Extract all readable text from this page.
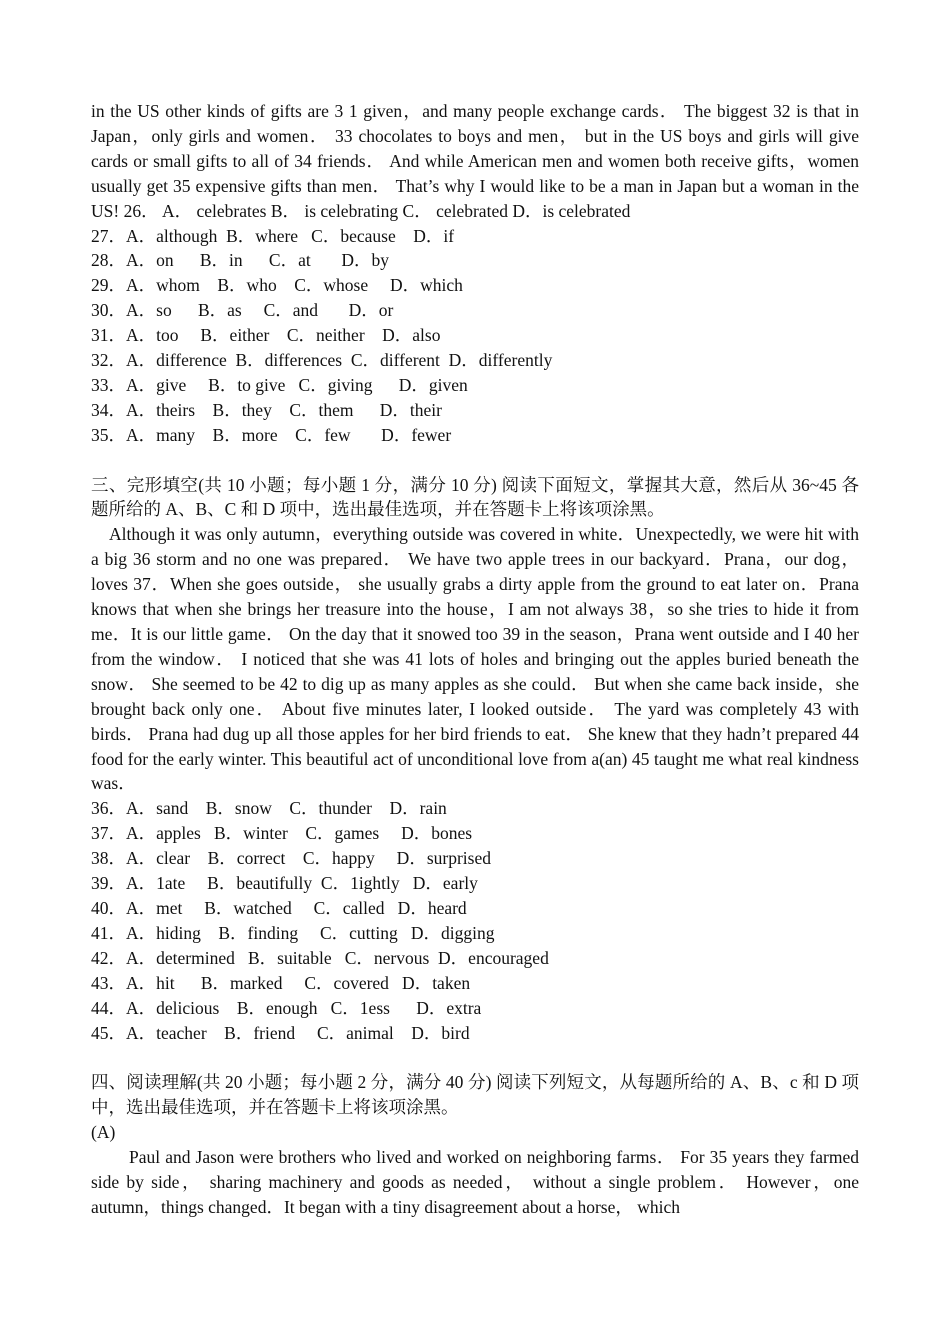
in the US other kinds of gifts are 3 1 given，and many people exchange cards． The biggest 32 is that in Japan，only girls and women． 33 chocolates to boys and men， but in the US boys and girls will give cards or small gifts to all of 34 friends． And while American men and women both receive gifts，women usually get 35 expensive gifts than men． That’s why I would like to be a man in Japan but a woman in the US! 26． A． celebrates B． is celebrating C． celebrated D．is celebrated

27．A．although  B．where   C．because    D．if

28．A．on      B．in      C．at       D．by

29．A．whom    B．who    C．whose     D．which

30．A．so      B．as     C．and       D．or

31．A．too     B．either    C．neither    D．also

32．A．difference  B．differences  C．different  D．differently

33．A．give     B．to give   C．giving      D．given

34．A．theirs    B．they    C．them      D．their

35．A．many    B．more    C．few       D．fewer

三、完形填空(共 10 小题；每小题 1 分，满分 10 分) 阅读下面短文，掌握其大意，然后从 36~45 各题所给的 A、B、C 和 D 项中，选出最佳选项，并在答题卡上将该项涂黑。

Although it was only autumn，everything outside was covered in white．Unexpectedly, we were hit with a big 36 storm and no one was prepared． We have two apple trees in our backyard．Prana，our dog，loves 37．When she goes outside， she usually grabs a dirty apple from the ground to eat later on．Prana knows that when she brings her treasure into the house，I am not always 38，so she tries to hide it from me．It is our little game． On the day that it snowed too 39 in the season，Prana went outside and I 40 her from the window． I noticed that she was 41 lots of holes and bringing out the apples buried beneath the snow． She seemed to be 42 to dig up as many apples as she could． But when she came back inside，she brought back only one． About five minutes later, I looked outside． The yard was completely 43 with birds． Prana had dug up all those apples for her bird friends to eat． She knew that they hadn’t prepared 44 food for the early winter. This beautiful act of unconditional love from a(an) 45 taught me what real kindness was．

36．A．sand    B．snow    C．thunder    D．rain

37．A．apples   B．winter    C．games     D．bones

38．A．clear    B．correct    C．happy     D．surprised

39．A．1ate     B．beautifully  C．1ightly   D．early

40．A．met     B．watched     C．called   D．heard

41．A．hiding    B．finding     C．cutting   D．digging

42．A．determined   B．suitable   C．nervous  D．encouraged

43．A．hit      B．marked     C．covered   D．taken

44．A．delicious    B．enough   C．1ess      D．extra

45．A．teacher    B．friend     C．animal    D．bird

四、阅读理解(共 20 小题；每小题 2 分，满分 40 分) 阅读下列短文，从每题所给的 A、B、c 和 D 项中，选出最佳选项，并在答题卡上将该项涂黑。

(A)

Paul and Jason were brothers who lived and worked on neighboring farms． For 35 years they farmed side by side， sharing machinery and goods as needed， without a single problem． However，one autumn，things changed．It began with a tiny disagreement about a horse， which
